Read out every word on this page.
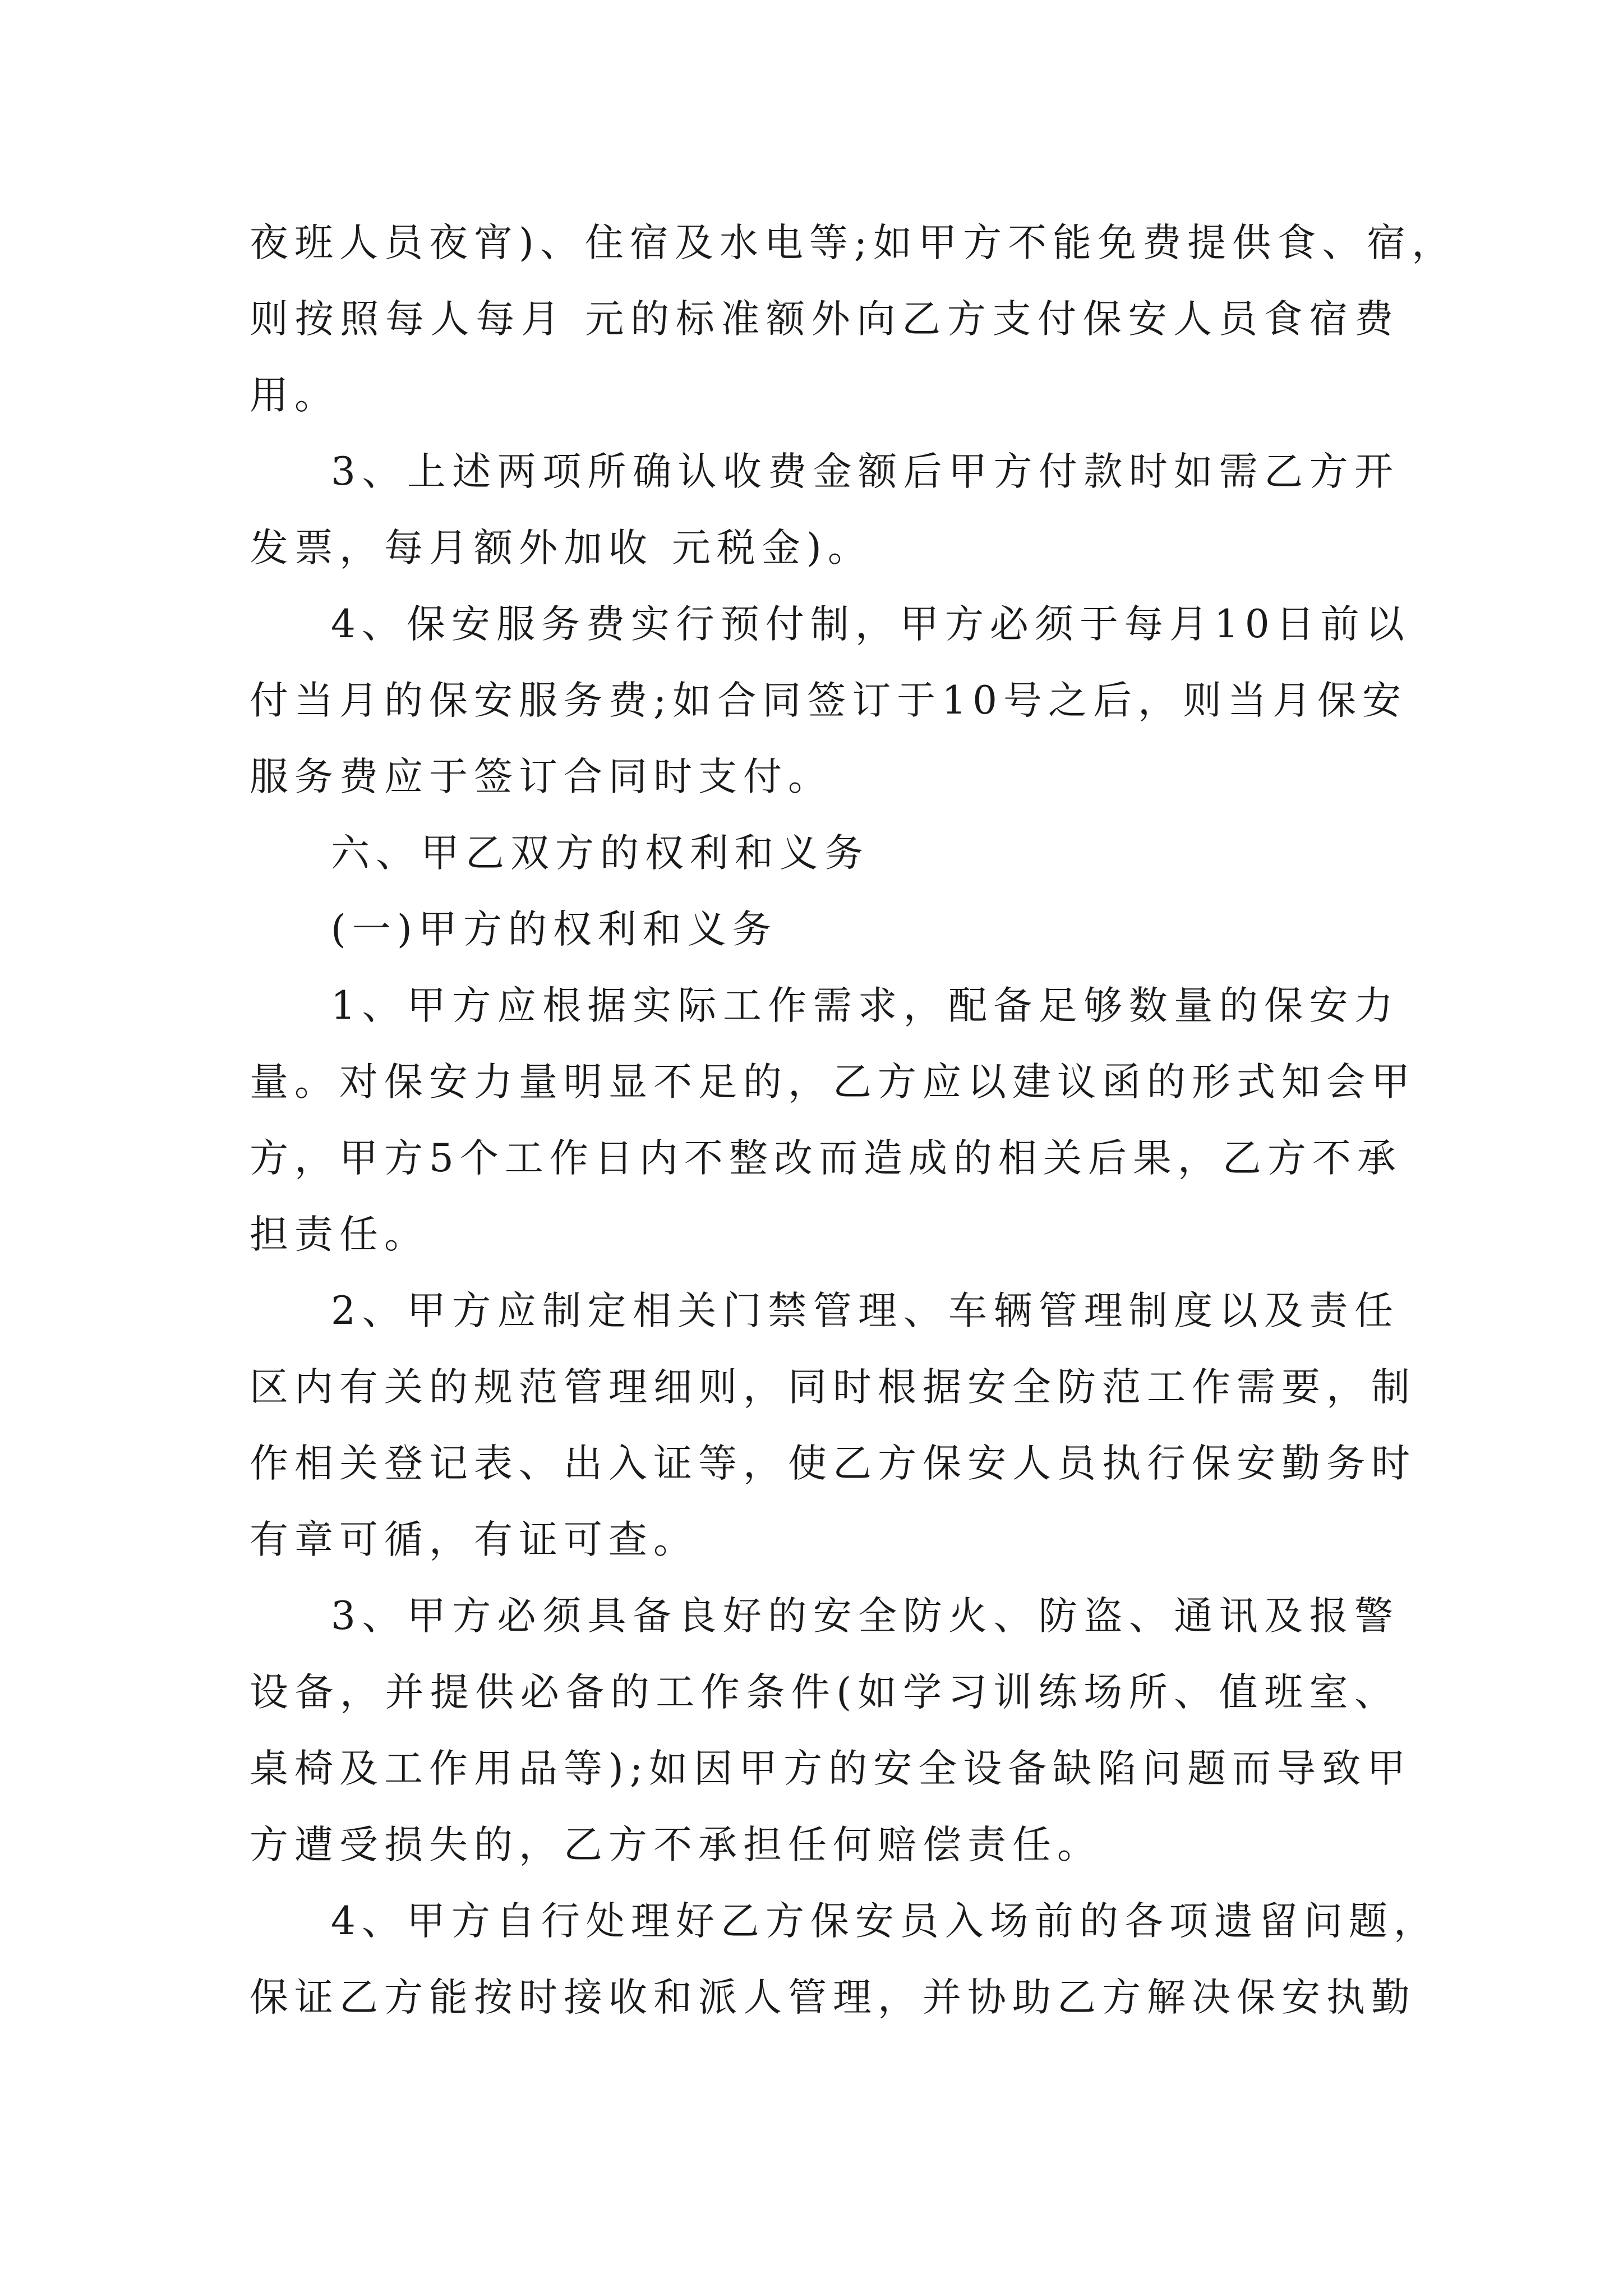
夜班人员夜宵)、住宿及水电等;如甲方不能免费提供食、宿，
则按照每人每月 元的标准额外向乙方支付保安人员食宿费
用。
3、上述两项所确认收费金额后甲方付款时如需乙方开
发票，每月额外加收 元税金)。
4、保安服务费实行预付制，甲方必须于每月10日前以
付当月的保安服务费;如合同签订于10号之后，则当月保安
服务费应于签订合同时支付。
六、甲乙双方的权利和义务
(一)甲方的权利和义务
1、甲方应根据实际工作需求，配备足够数量的保安力
量。对保安力量明显不足的，乙方应以建议函的形式知会甲
方，甲方5个工作日内不整改而造成的相关后果，乙方不承
担责任。
2、甲方应制定相关门禁管理、车辆管理制度以及责任
区内有关的规范管理细则，同时根据安全防范工作需要，制
作相关登记表、出入证等，使乙方保安人员执行保安勤务时
有章可循，有证可查。
3、甲方必须具备良好的安全防火、防盗、通讯及报警
设备，并提供必备的工作条件(如学习训练场所、值班室、
桌椅及工作用品等);如因甲方的安全设备缺陷问题而导致甲
方遭受损失的，乙方不承担任何赔偿责任。
4、甲方自行处理好乙方保安员入场前的各项遗留问题，
保证乙方能按时接收和派人管理，并协助乙方解决保安执勤
